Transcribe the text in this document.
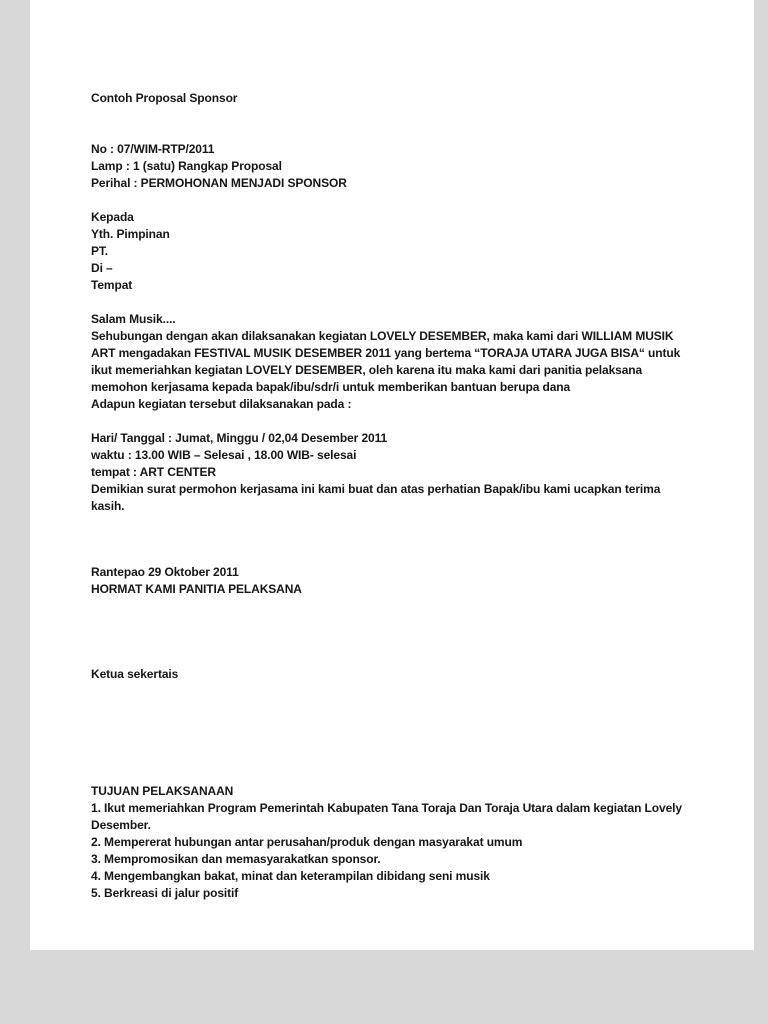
Contoh Proposal Sponsor
No : 07/WIM-RTP/2011
Lamp : 1 (satu) Rangkap Proposal
Perihal : PERMOHONAN MENJADI SPONSOR
Kepada
Yth. Pimpinan
PT.
Di –
Tempat
Salam Musik....
Sehubungan dengan akan dilaksanakan kegiatan LOVELY DESEMBER, maka kami dari WILLIAM MUSIK ART mengadakan FESTIVAL MUSIK DESEMBER 2011 yang bertema “TORAJA UTARA JUGA BISA“ untuk ikut memeriahkan kegiatan LOVELY DESEMBER, oleh karena itu maka kami dari panitia pelaksana memohon kerjasama kepada bapak/ibu/sdr/i untuk memberikan bantuan berupa dana
Adapun kegiatan tersebut dilaksanakan pada :
Hari/ Tanggal : Jumat, Minggu / 02,04 Desember 2011
waktu : 13.00 WIB – Selesai , 18.00 WIB- selesai
tempat : ART CENTER
Demikian surat permohon kerjasama ini kami buat dan atas perhatian Bapak/ibu kami ucapkan terima kasih.
Rantepao 29 Oktober 2011
HORMAT KAMI PANITIA PELAKSANA
Ketua sekertais
TUJUAN PELAKSANAAN
1. Ikut memeriahkan Program Pemerintah Kabupaten Tana Toraja Dan Toraja Utara dalam kegiatan Lovely Desember.
2. Mempererat hubungan antar perusahan/produk dengan masyarakat umum
3. Mempromosikan dan memasyarakatkan sponsor.
4. Mengembangkan bakat, minat dan keterampilan dibidang seni musik
5. Berkreasi di jalur positif
